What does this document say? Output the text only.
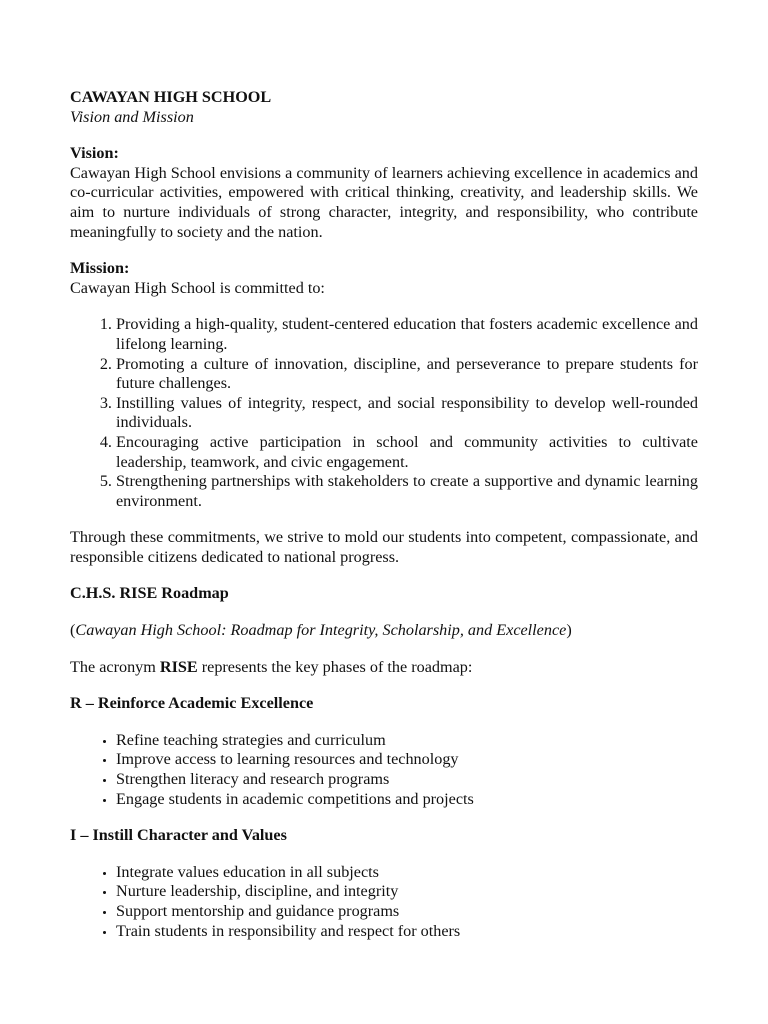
CAWAYAN HIGH SCHOOL

Vision and Mission

Vision:

Cawayan High School envisions a community of learners achieving excellence in academics and co-curricular activities, empowered with critical thinking, creativity, and leadership skills. We aim to nurture individuals of strong character, integrity, and responsibility, who contribute meaningfully to society and the nation.

Mission:

Cawayan High School is committed to:

1. Providing a high-quality, student-centered education that fosters academic excellence and lifelong learning.
2. Promoting a culture of innovation, discipline, and perseverance to prepare students for future challenges.
3. Instilling values of integrity, respect, and social responsibility to develop well-rounded individuals.
4. Encouraging active participation in school and community activities to cultivate leadership, teamwork, and civic engagement.
5. Strengthening partnerships with stakeholders to create a supportive and dynamic learning environment.

Through these commitments, we strive to mold our students into competent, compassionate, and responsible citizens dedicated to national progress.

C.H.S. RISE Roadmap

(Cawayan High School: Roadmap for Integrity, Scholarship, and Excellence)

The acronym RISE represents the key phases of the roadmap:

R – Reinforce Academic Excellence

• Refine teaching strategies and curriculum
• Improve access to learning resources and technology
• Strengthen literacy and research programs
• Engage students in academic competitions and projects

I – Instill Character and Values

• Integrate values education in all subjects
• Nurture leadership, discipline, and integrity
• Support mentorship and guidance programs
• Train students in responsibility and respect for others
